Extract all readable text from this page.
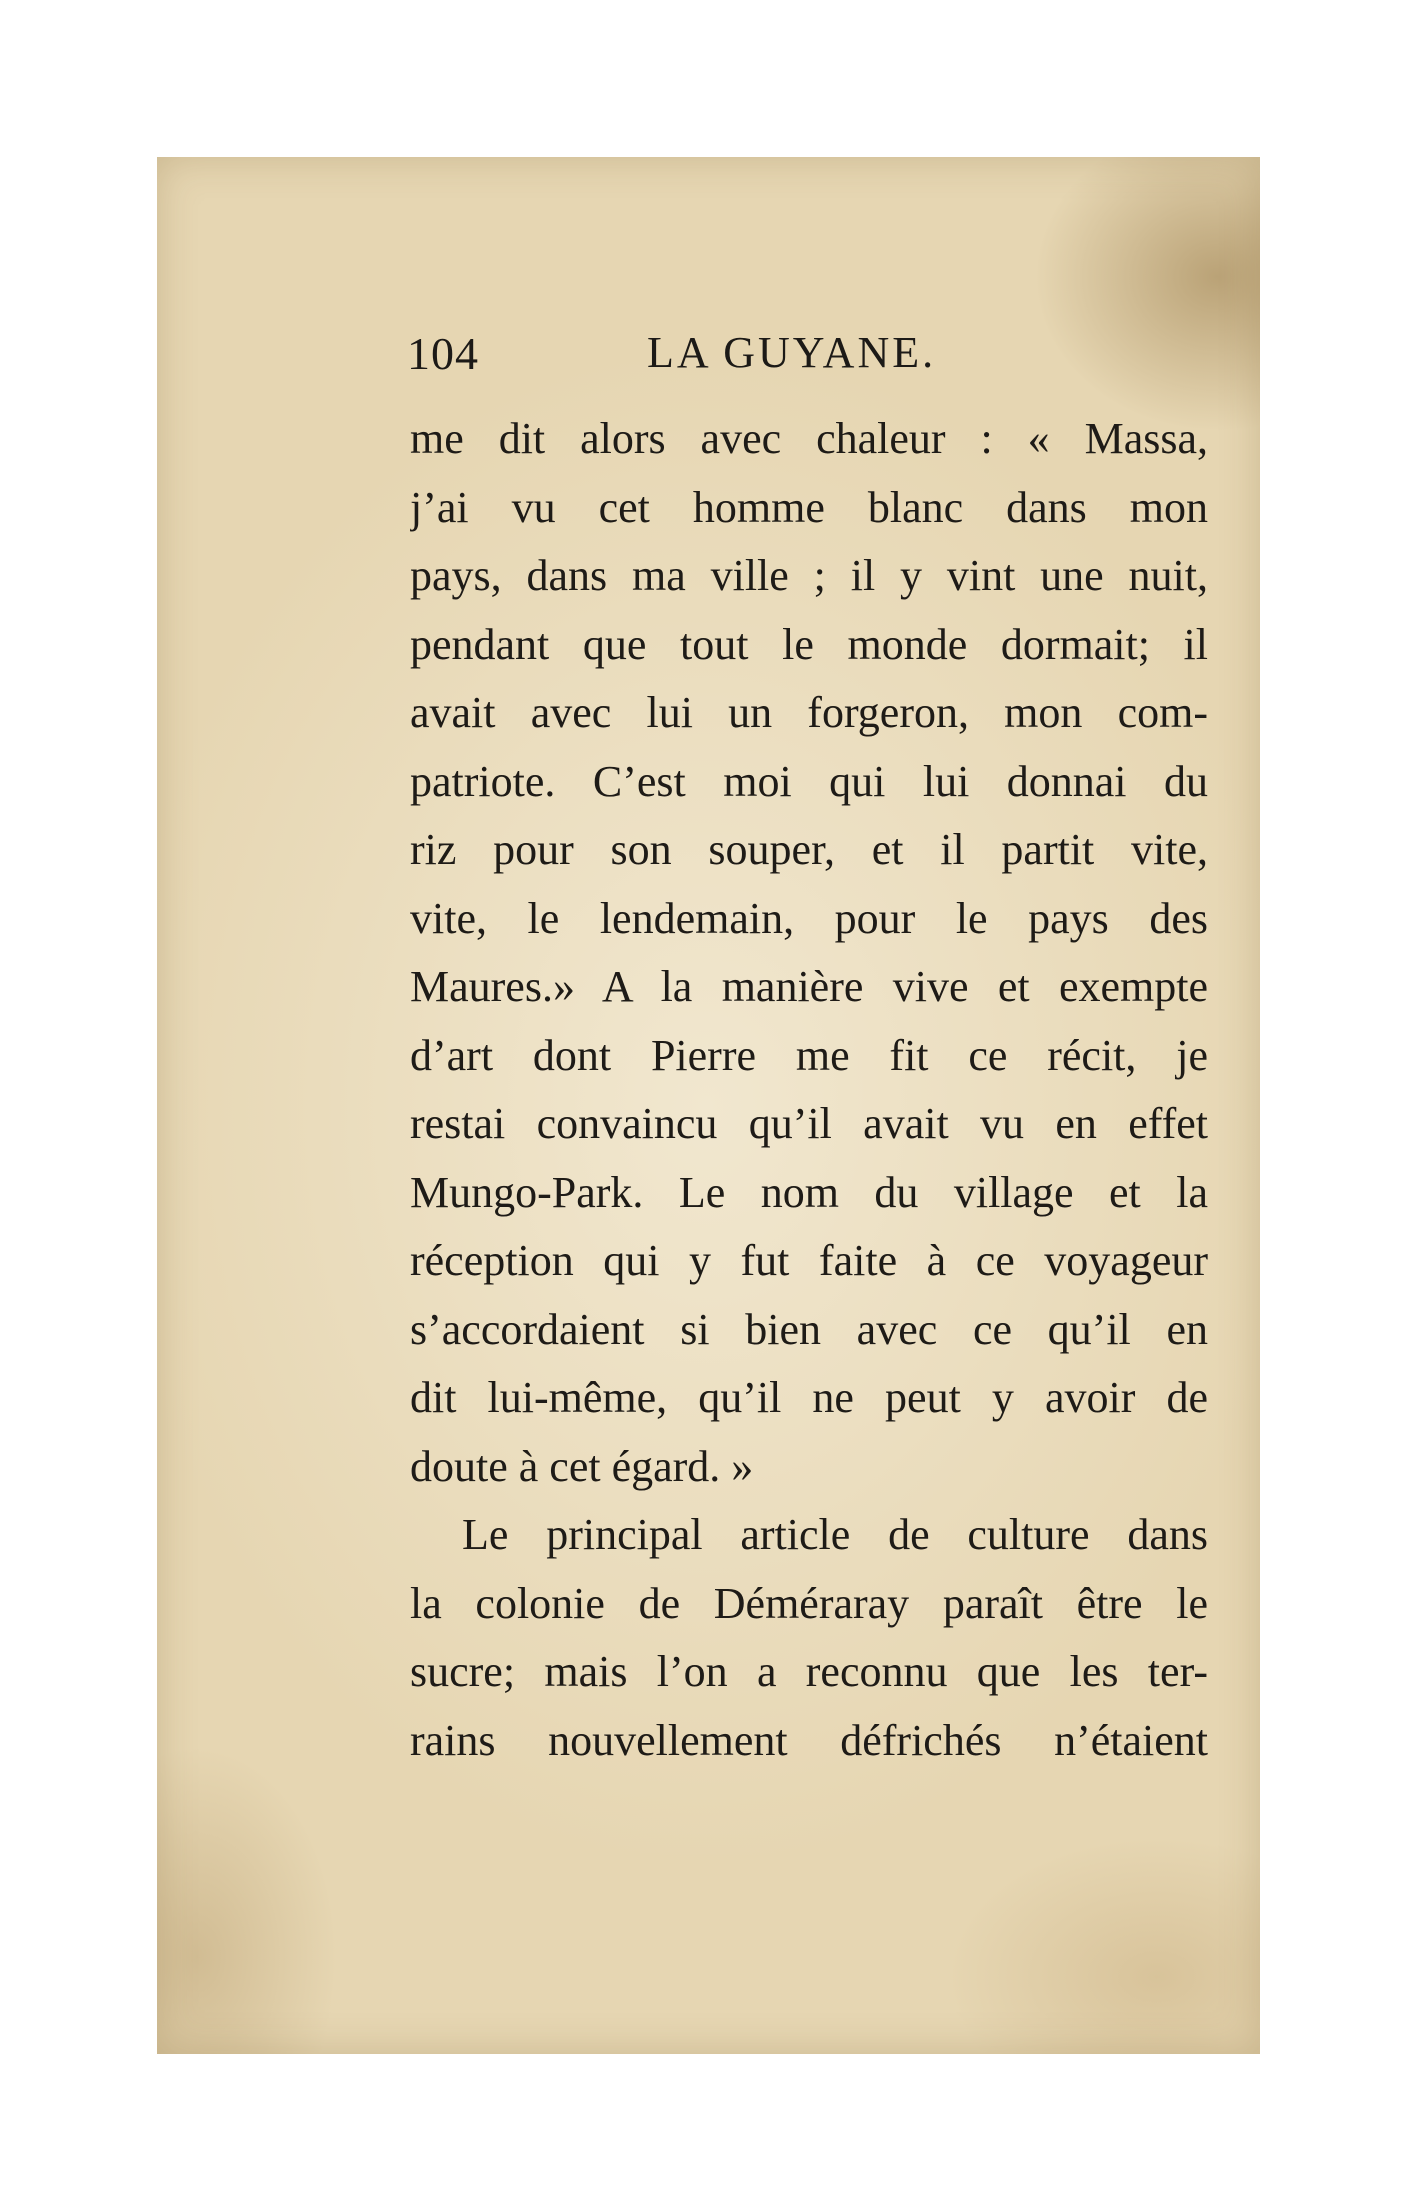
104	LA GUYANE.
me dit alors avec chaleur : « Massa,
j’ai vu cet homme blanc dans mon
pays, dans ma ville ; il y vint une nuit,
pendant que tout le monde dormait; il
avait avec lui un forgeron, mon com-
patriote. C’est moi qui lui donnai du
riz pour son souper, et il partit vite,
vite, le lendemain, pour le pays des
Maures.» A la manière vive et exempte
d’art dont Pierre me fit ce récit, je
restai convaincu qu’il avait vu en effet
Mungo-Park. Le nom du village et la
réception qui y fut faite à ce voyageur
s’accordaient si bien avec ce qu’il en
dit lui-même, qu’il ne peut y avoir de
doute à cet égard. »
Le principal article de culture dans
la colonie de Déméraray paraît être le
sucre; mais l’on a reconnu que les ter-
rains nouvellement défrichés n’étaient
